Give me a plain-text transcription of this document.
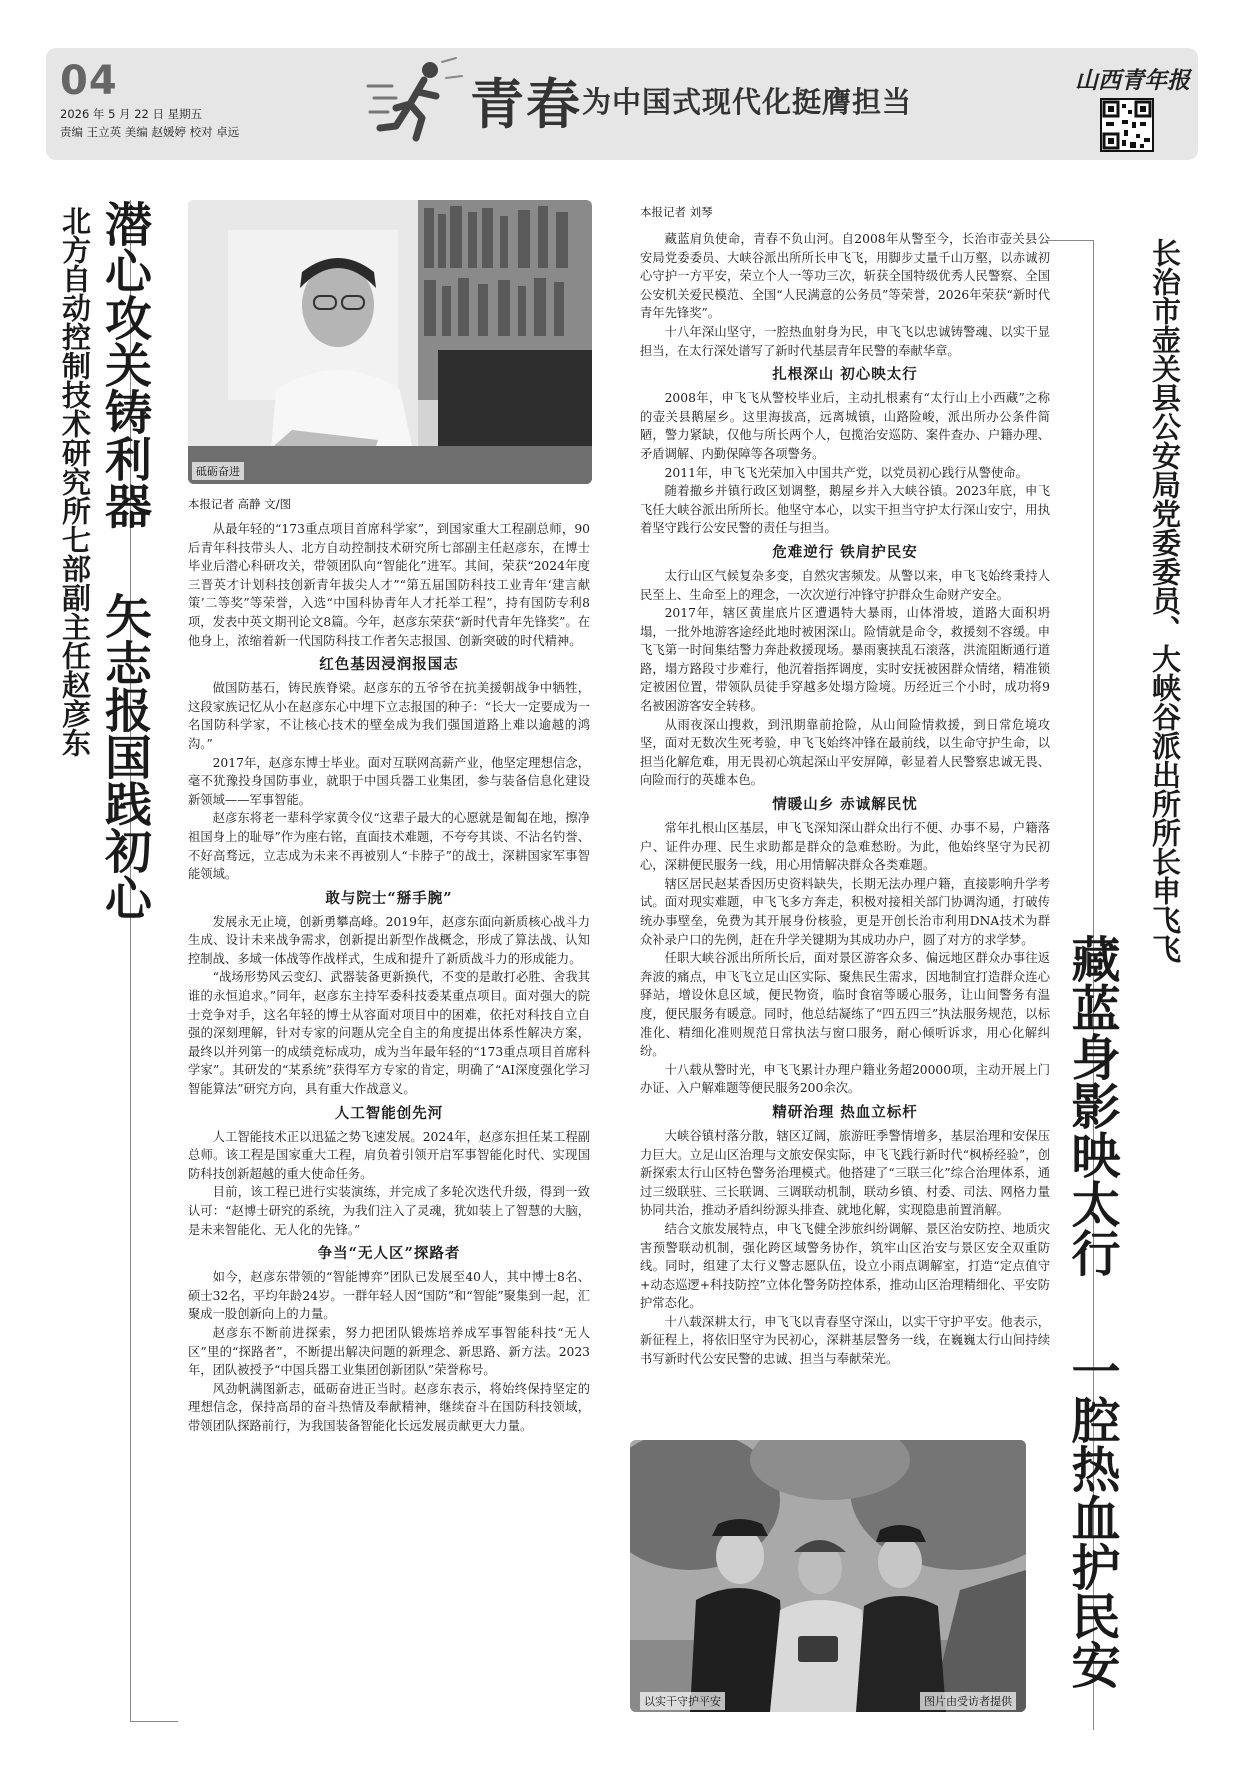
04
2026 年 5 月 22 日 星期五
责编 王立英 美编 赵媛婷 校对 卓远	青春 为中国式现代化挺膺担当
山西青年报
北方自动控制技术研究所七部副主任赵彦东 潜心攻关铸利器
矢志报国践初心
砥砺奋进
本报记者 高静 文/图

从最年轻的“173重点项目首席科学家”，到国家重大工程副总师，90后青年科技带头人、北方自动控制技术研究所七部副主任赵彦东，在博士毕业后潜心科研攻关，带领团队向“智能化”进军。其间，荣获“2024年度三晋英才计划科技创新青年拔尖人才”“第五届国防科技工业青年‘建言献策’二等奖”等荣誉，入选“中国科协青年人才托举工程”，持有国防专利8项，发表中英文期刊论文8篇。今年，赵彦东荣获“新时代青年先锋奖”。在他身上，浓缩着新一代国防科技工作者矢志报国、创新突破的时代精神。

红色基因浸润报国志

做国防基石，铸民族脊梁。赵彦东的五爷爷在抗美援朝战争中牺牲，这段家族记忆从小在赵彦东心中埋下立志报国的种子：“长大一定要成为一名国防科学家，不让核心技术的壁垒成为我们强国道路上难以逾越的鸿沟。”

2017年，赵彦东博士毕业。面对互联网高薪产业，他坚定理想信念，毫不犹豫投身国防事业，就职于中国兵器工业集团，参与装备信息化建设新领域——军事智能。

赵彦东将老一辈科学家黄令仪“这辈子最大的心愿就是匍匐在地，擦净祖国身上的耻辱”作为座右铭，直面技术难题，不夸夸其谈、不沾名钓誉、不好高骛远，立志成为未来不再被别人“卡脖子”的战士，深耕国家军事智能领域。

敢与院士“掰手腕”

发展永无止境，创新勇攀高峰。2019年，赵彦东面向新质核心战斗力生成、设计未来战争需求，创新提出新型作战概念，形成了算法战、认知控制战、多域一体战等作战样式，生成和提升了新质战斗力的形成能力。

“战场形势风云变幻、武器装备更新换代，不变的是敢打必胜、舍我其谁的永恒追求。”同年，赵彦东主持军委科技委某重点项目。面对强大的院士竞争对手，这名年轻的博士从容面对项目中的困难，依托对科技自立自强的深刻理解，针对专家的问题从完全自主的角度提出体系性解决方案，最终以并列第一的成绩竞标成功，成为当年最年轻的“173重点项目首席科学家”。其研发的“某系统”获得军方专家的肯定，明确了“AI深度强化学习智能算法”研究方向，具有重大作战意义。

人工智能创先河

人工智能技术正以迅猛之势飞速发展。2024年，赵彦东担任某工程副总师。该工程是国家重大工程，肩负着引领开启军事智能化时代、实现国防科技创新超越的重大使命任务。

目前，该工程已进行实装演练，并完成了多轮次迭代升级，得到一致认可：“赵博士研究的系统，为我们注入了灵魂，犹如装上了智慧的大脑，是未来智能化、无人化的先锋。”

争当“无人区”探路者

如今，赵彦东带领的“智能博弈”团队已发展至40人，其中博士8名、硕士32名，平均年龄24岁。一群年轻人因“国防”和“智能”聚集到一起，汇聚成一股创新向上的力量。

赵彦东不断前进探索，努力把团队锻炼培养成军事智能科技“无人区”里的“探路者”，不断提出解决问题的新理念、新思路、新方法。2023年，团队被授予“中国兵器工业集团创新团队”荣誉称号。

风劲帆满图新志，砥砺奋进正当时。赵彦东表示，将始终保持坚定的理想信念，保持高昂的奋斗热情及奉献精神，继续奋斗在国防科技领域，带领团队探路前行，为我国装备智能化长远发展贡献更大力量。

本报记者 刘琴

藏蓝肩负使命，青春不负山河。自2008年从警至今，长治市壶关县公安局党委委员、大峡谷派出所所长申飞飞，用脚步丈量千山万壑，以赤诚初心守护一方平安，荣立个人一等功三次，斩获全国特级优秀人民警察、全国公安机关爱民模范、全国“人民满意的公务员”等荣誉，2026年荣获“新时代青年先锋奖”。

十八年深山坚守，一腔热血射身为民，申飞飞以忠诚铸警魂、以实干显担当，在太行深处谱写了新时代基层青年民警的奉献华章。

扎根深山 初心映太行

2008年，申飞飞从警校毕业后，主动扎根素有“太行山上小西藏”之称的壶关县鹅屋乡。这里海拔高，远离城镇，山路险峻，派出所办公条件简陋，警力紧缺，仅他与所长两个人，包揽治安巡防、案件查办、户籍办理、矛盾调解、内勤保障等各项警务。

2011年，申飞飞光荣加入中国共产党，以党员初心践行从警使命。

随着撤乡并镇行政区划调整，鹅屋乡并入大峡谷镇。2023年底，申飞飞任大峡谷派出所所长。他坚守本心，以实干担当守护太行深山安宁，用执着坚守践行公安民警的责任与担当。

危难逆行 铁肩护民安

太行山区气候复杂多变，自然灾害频发。从警以来，申飞飞始终秉持人民至上、生命至上的理念，一次次逆行冲锋守护群众生命财产安全。

2017年，辖区黄崖底片区遭遇特大暴雨，山体滑坡，道路大面积坍塌，一批外地游客途经此地时被困深山。险情就是命令，救援刻不容缓。申飞飞第一时间集结警力奔赴救援现场。暴雨裹挟乱石滚落，洪流阻断通行道路，塌方路段寸步难行，他沉着指挥调度，实时安抚被困群众情绪，精准锁定被困位置，带领队员徒手穿越多处塌方险境。历经近三个小时，成功将9名被困游客安全转移。

从雨夜深山搜救，到汛期靠前抢险，从山间险情救援，到日常危境攻坚，面对无数次生死考验，申飞飞始终冲锋在最前线，以生命守护生命，以担当化解危难，用无畏初心筑起深山平安屏障，彰显着人民警察忠诚无畏、向险而行的英雄本色。

情暖山乡 赤诚解民忧

常年扎根山区基层，申飞飞深知深山群众出行不便、办事不易，户籍落户、证件办理、民生求助都是群众的急难愁盼。为此，他始终坚守为民初心，深耕便民服务一线，用心用情解决群众各类难题。

辖区居民赵某香因历史资料缺失，长期无法办理户籍，直接影响升学考试。面对现实难题，申飞飞多方奔走，积极对接相关部门协调沟通，打破传统办事壁垒，免费为其开展身份核验，更是开创长治市利用DNA技术为群众补录户口的先例，赶在升学关键期为其成功办户，圆了对方的求学梦。

任职大峡谷派出所所长后，面对景区游客众多、偏远地区群众办事往返奔波的痛点，申飞飞立足山区实际、聚焦民生需求，因地制宜打造群众连心驿站，增设休息区域，便民物资，临时食宿等暖心服务，让山间警务有温度，便民服务有暖意。同时，他总结凝练了“四五四三”执法服务规范，以标准化、精细化准则规范日常执法与窗口服务，耐心倾听诉求，用心化解纠纷。

十八载从警时光，申飞飞累计办理户籍业务超20000项，主动开展上门办证、入户解难题等便民服务200余次。

精研治理 热血立标杆

大峡谷镇村落分散，辖区辽阔，旅游旺季警情增多，基层治理和安保压力巨大。立足山区治理与文旅安保实际，申飞飞践行新时代“枫桥经验”，创新探索太行山区特色警务治理模式。他搭建了“三联三化”综合治理体系，通过三级联驻、三长联调、三调联动机制，联动乡镇、村委、司法、网格力量协同共治，推动矛盾纠纷源头排查、就地化解，实现隐患前置消解。

结合文旅发展特点，申飞飞健全涉旅纠纷调解、景区治安防控、地质灾害预警联动机制，强化跨区域警务协作，筑牢山区治安与景区安全双重防线。同时，组建了太行义警志愿队伍，设立小雨点调解室，打造“定点值守+动态巡逻+科技防控”立体化警务防控体系，推动山区治理精细化、平安防护常态化。

十八载深耕太行，申飞飞以青春坚守深山，以实干守护平安。他表示，新征程上，将依旧坚守为民初心，深耕基层警务一线，在巍巍太行山间持续书写新时代公安民警的忠诚、担当与奉献荣光。

以实干守护平安	图片由受访者提供
长治市壶关县公安局党委委员、大峡谷派出所所长申飞飞
藏蓝身影映太行
一腔热血护民安
